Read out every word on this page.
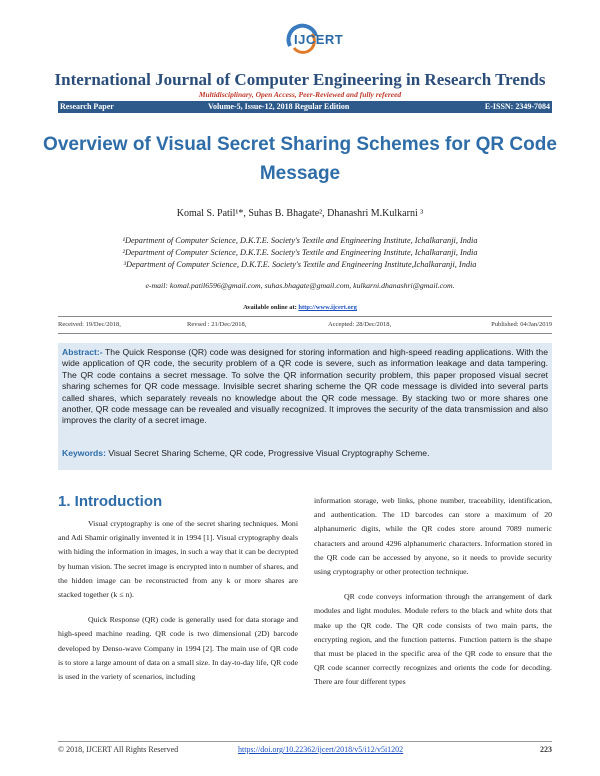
IJCERT
International Journal of Computer Engineering in Research Trends
Multidisciplinary, Open Access, Peer-Reviewed and fully refereed
Research Paper	Volume-5, Issue-12, 2018 Regular Edition	E-ISSN: 2349-7084
Overview of Visual Secret Sharing Schemes for QR Code Message
Komal S. Patil¹*, Suhas B. Bhagate², Dhanashri M.Kulkarni ³
¹Department of Computer Science, D.K.T.E. Society's Textile and Engineering Institute, Ichalkaranji, India
²Department of Computer Science, D.K.T.E. Society's Textile and Engineering Institute, Ichalkaranji, India
³Department of Computer Science, D.K.T.E. Society's Textile and Engineering Institute,Ichalkaranji, India
e-mail: komal.patil6596@gmail.com, suhas.bhagate@gmail.com, kulkarni.dhanashri@gmail.com.
Available online at: http://www.ijcert.org
Received: 19/Dec/2018,	Revsed : 21/Dec/2018,	Accepted: 28/Dec/2018,	Published: 04/Jan/2019
Abstract:- The Quick Response (QR) code was designed for storing information and high-speed reading applications. With the wide application of QR code, the security problem of a QR code is severe, such as information leakage and data tampering. The QR code contains a secret message. To solve the QR information security problem, this paper proposed visual secret sharing schemes for QR code message. Invisible secret sharing scheme the QR code message is divided into several parts called shares, which separately reveals no knowledge about the QR code message. By stacking two or more shares one another, QR code message can be revealed and visually recognized. It improves the security of the data transmission and also improves the clarity of a secret image.
Keywords: Visual Secret Sharing Scheme, QR code, Progressive Visual Cryptography Scheme.
1. Introduction

Visual cryptography is one of the secret sharing techniques. Moni and Adi Shamir originally invented it in 1994 [1]. Visual cryptography deals with hiding the information in images, in such a way that it can be decrypted by human vision. The secret image is encrypted into n number of shares, and the hidden image can be reconstructed from any k or more shares are stacked together (k ≤ n).

Quick Response (QR) code is generally used for data storage and high-speed machine reading. QR code is two dimensional (2D) barcode developed by Denso-wave Company in 1994 [2]. The main use of QR code is to store a large amount of data on a small size. In day-to-day life, QR code is used in the variety of scenarios, including

information storage, web links, phone number, traceability, identification, and authentication. The 1D barcodes can store a maximum of 20 alphanumeric digits, while the QR codes store around 7089 numeric characters and around 4296 alphanumeric characters. Information stored in the QR code can be accessed by anyone, so it needs to provide security using cryptography or other protection technique.

QR code conveys information through the arrangement of dark modules and light modules. Module refers to the black and white dots that make up the QR code. The QR code consists of two main parts, the encrypting region, and the function patterns. Function pattern is the shape that must be placed in the specific area of the QR code to ensure that the QR code scanner correctly recognizes and orients the code for decoding. There are four different types

© 2018, IJCERT All Rights Reserved	https://doi.org/10.22362/ijcert/2018/v5/i12/v5i1202	223
